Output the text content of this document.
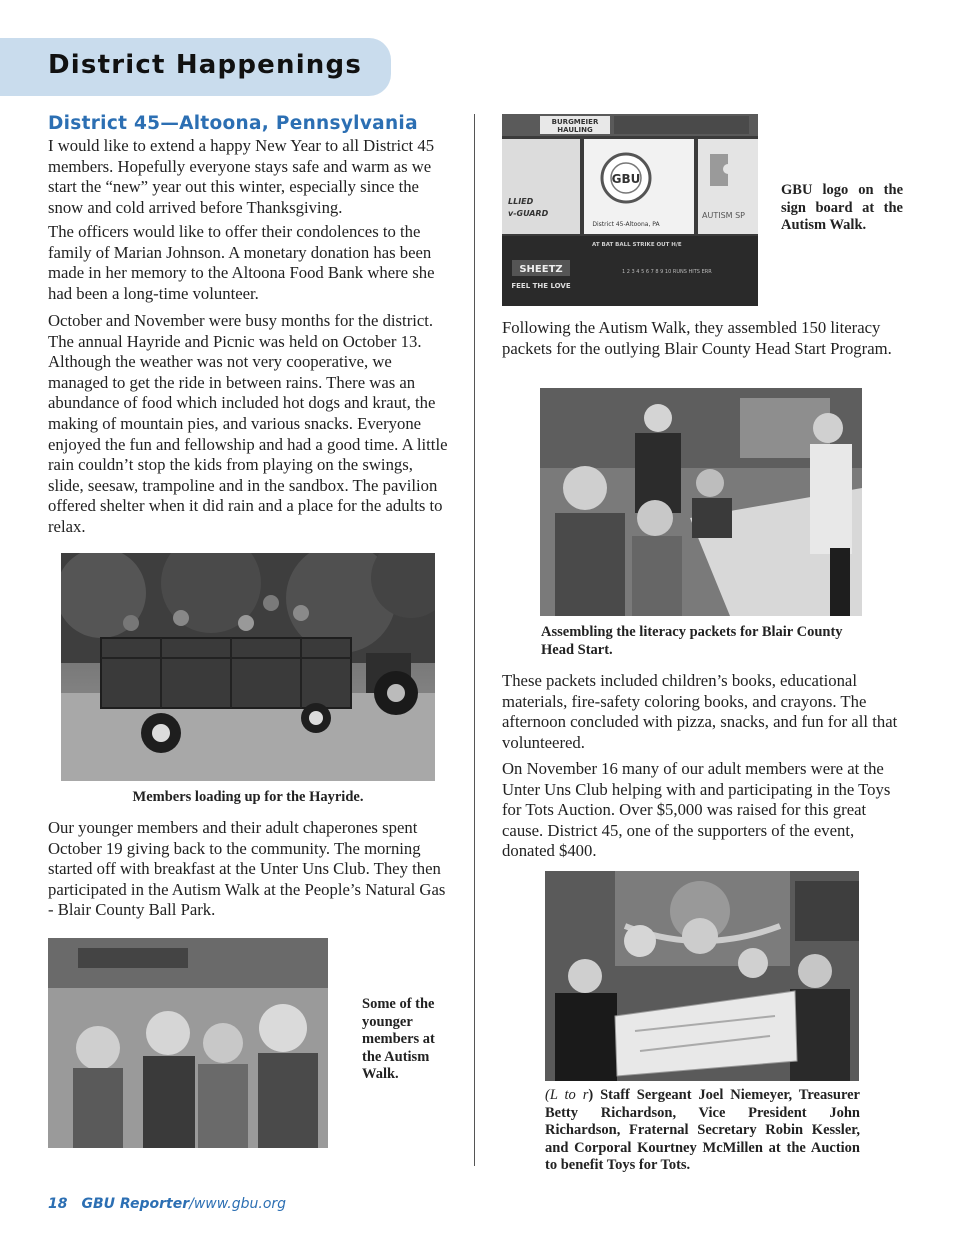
District Happenings
District 45—Altoona, Pennsylvania

I would like to extend a happy New Year to all District 45 members. Hopefully everyone stays safe and warm as we start the “new” year out this winter, especially since the snow and cold arrived before Thanksgiving.

The officers would like to offer their condolences to the family of Marian Johnson. A monetary donation has been made in her memory to the Altoona Food Bank where she had been a long-time volunteer.

October and November were busy months for the district. The annual Hayride and Picnic was held on October 13. Although the weather was not very cooperative, we managed to get the ride in between rains. There was an abundance of food which included hot dogs and kraut, the making of mountain pies, and various snacks. Everyone enjoyed the fun and fellowship and had a good time. A little rain couldn’t stop the kids from playing on the swings, slide, seesaw, trampoline and in the sandbox. The pavilion offered shelter when it did rain and a place for the adults to relax.

Members loading up for the Hayride.

Our younger members and their adult chaperones spent October 19 giving back to the community. The morning started off with breakfast at the Unter Uns Club. They then participated in the Autism Walk at the People’s Natural Gas - Blair County Ball Park.

Some of the younger members at the Autism Walk.

BURGMEIER
HAULING
LLIED
v-GUARD
GBU
District 45-Altoona, PA
AUTISM SP
AT BAT BALL STRIKE OUT H/E
1 2 3 4 5 6 7 8 9 10 RUNS HITS ERR
SHEETZ
FEEL THE LOVE

GBU logo on the sign board at the Autism Walk.

Following the Autism Walk, they assembled 150 literacy packets for the outlying Blair County Head Start Program.

Assembling the literacy packets for Blair County Head Start.

These packets included children’s books, educational materials, fire-safety coloring books, and crayons. The afternoon concluded with pizza, snacks, and fun for all that volunteered.

On November 16 many of our adult members were at the Unter Uns Club helping with and participating in the Toys for Tots Auction. Over $5,000 was raised for this great cause. District 45, one of the supporters of the event, donated $400.

(L to r) Staff Sergeant Joel Niemeyer, Treasurer Betty Richardson, Vice President John Richardson, Fraternal Secretary Robin Kessler, and Corporal Kourtney McMillen at the Auction to benefit Toys for Tots.

18 GBU Reporter/www.gbu.org
